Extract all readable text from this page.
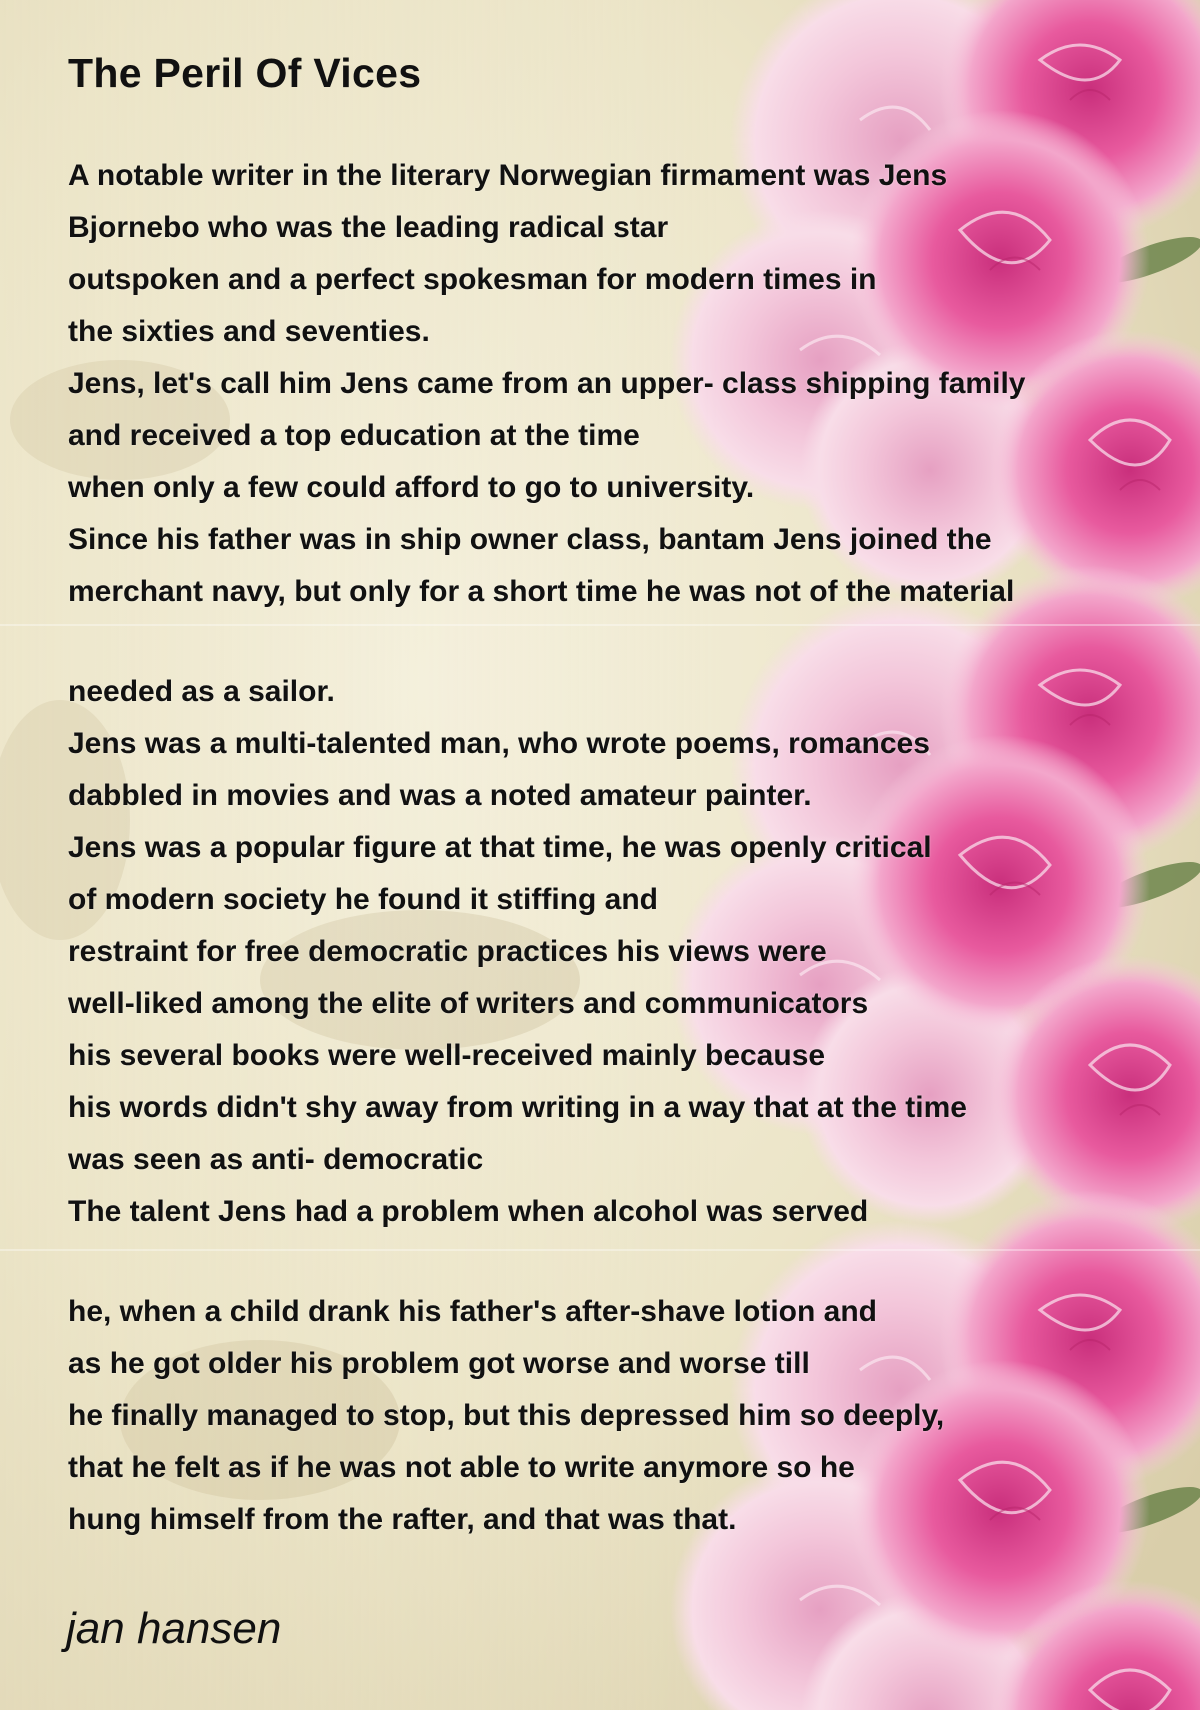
The Peril Of Vices
A notable writer in the literary Norwegian firmament was Jens
Bjornebo who was the leading radical star
outspoken and a perfect spokesman for modern times in
the sixties and seventies.
Jens, let's call him Jens came from an upper- class shipping family
and received a top education at the time
when only a few could afford to go to university.
Since his father was in ship owner class, bantam Jens joined the
merchant navy, but only for a short time he was not of the material
needed as a sailor.
Jens was a multi-talented man, who wrote poems, romances
dabbled in movies and was a noted amateur painter.
Jens was a popular figure at that time, he was openly critical
of modern society he found it stiffing and
restraint for free democratic practices his views were
well-liked among the elite of writers and communicators
his several books were well-received mainly because
his words didn't shy away from writing in a way that at the time
was seen as anti- democratic
The talent Jens had a problem when alcohol was served
he, when a child drank his father's after-shave lotion and
as he got older his problem got worse and worse till
he finally managed to stop, but this depressed him so deeply,
that he felt as if he was not able to write anymore so he
hung himself from the rafter, and that was that.
jan hansen
